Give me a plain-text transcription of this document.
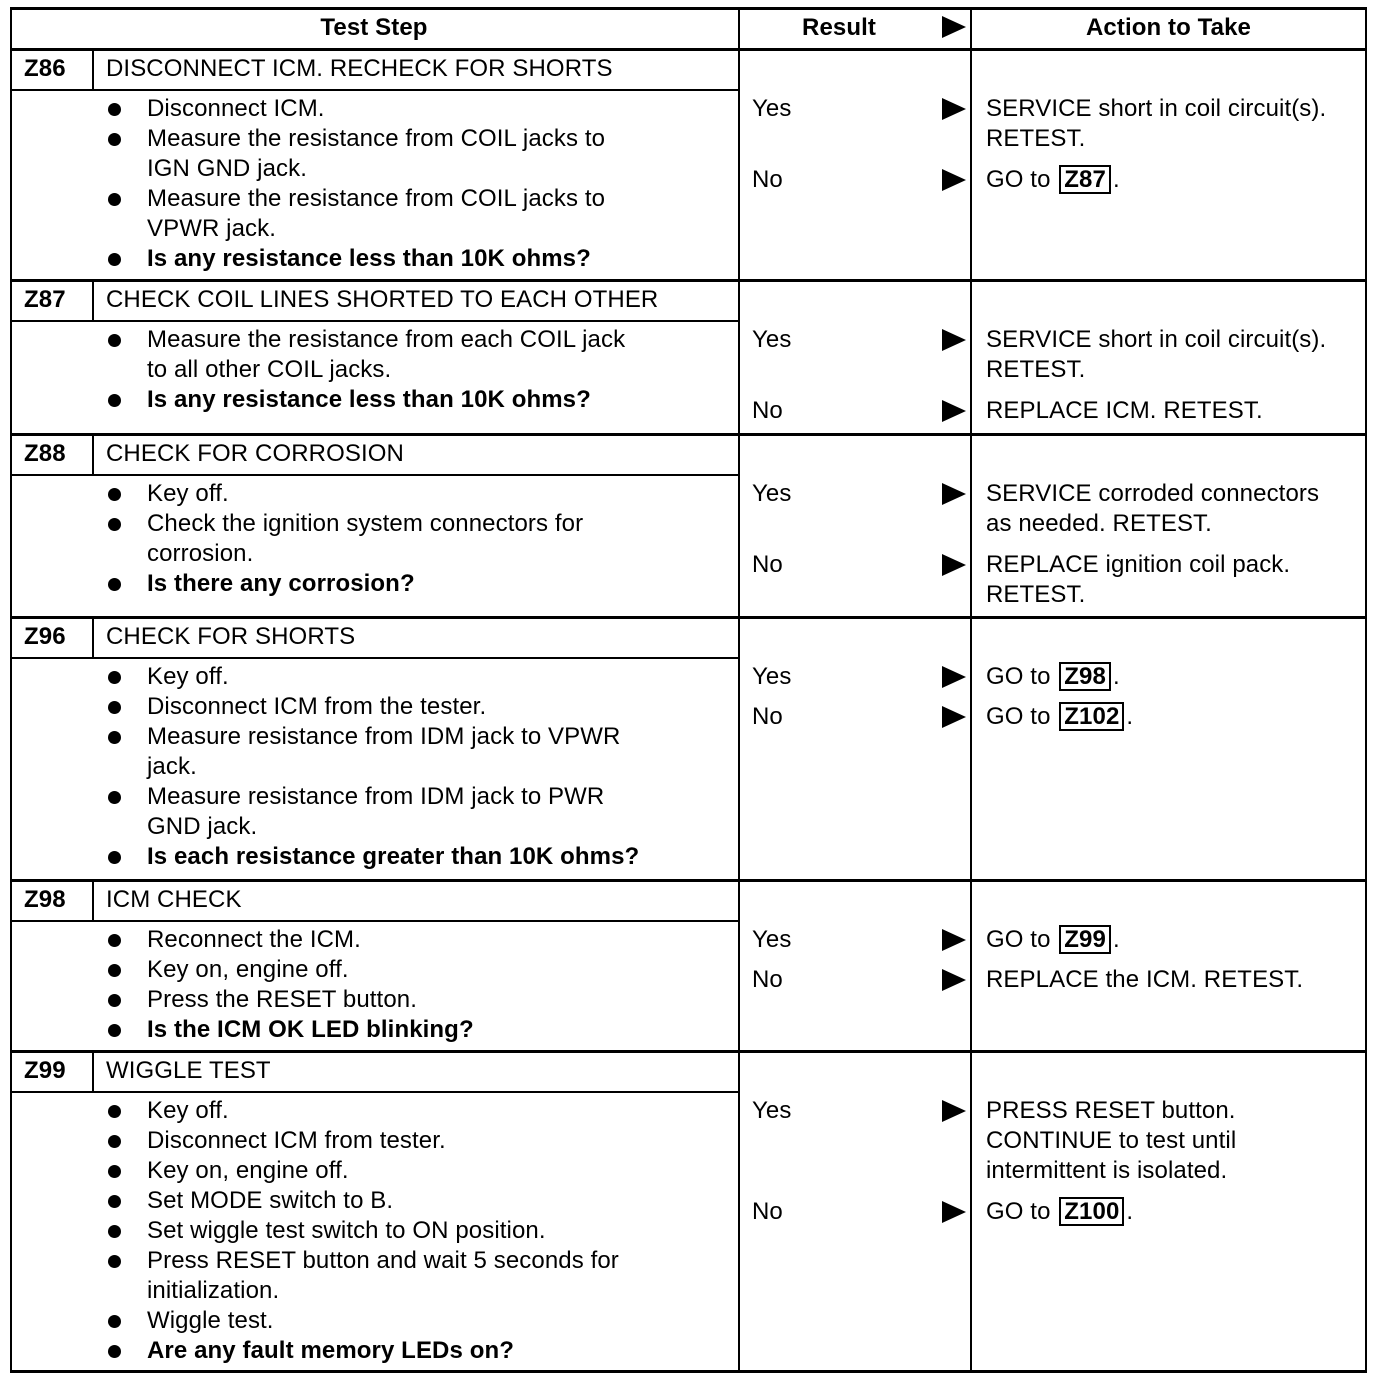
Test Step	Result	Action to Take
Z86 DISCONNECT ICM. RECHECK FOR SHORTS
Disconnect ICM.
Measure the resistance from COIL jacks to
IGN GND jack.
Measure the resistance from COIL jacks to
VPWR jack.
Is any resistance less than 10K ohms?
Yes	SERVICE short in coil circuit(s).
RETEST.
No	GO to Z87 .
Z87 CHECK COIL LINES SHORTED TO EACH OTHER
Measure the resistance from each COIL jack
to all other COIL jacks.
Is any resistance less than 10K ohms?
Yes	SERVICE short in coil circuit(s).
RETEST.
No	REPLACE ICM. RETEST.
Z88 CHECK FOR CORROSION
Key off.
Check the ignition system connectors for
corrosion.
Is there any corrosion?
Yes	SERVICE corroded connectors
as needed. RETEST.
No	REPLACE ignition coil pack.
RETEST.
Z96 CHECK FOR SHORTS
Key off.
Disconnect ICM from the tester.
Measure resistance from IDM jack to VPWR
jack.
Measure resistance from IDM jack to PWR
GND jack.
Is each resistance greater than 10K ohms?
Yes	GO to Z98 .
No	GO to Z102 .
Z98 ICM CHECK
Reconnect the ICM.
Key on, engine off.
Press the RESET button.
Is the ICM OK LED blinking?
Yes	GO to Z99 .
No	REPLACE the ICM. RETEST.
Z99 WIGGLE TEST
Key off.
Disconnect ICM from tester.
Key on, engine off.
Set MODE switch to B.
Set wiggle test switch to ON position.
Press RESET button and wait 5 seconds for
initialization.
Wiggle test.
Are any fault memory LEDs on?
Yes	PRESS RESET button.
CONTINUE to test until
intermittent is isolated.
No	GO to Z100 .
